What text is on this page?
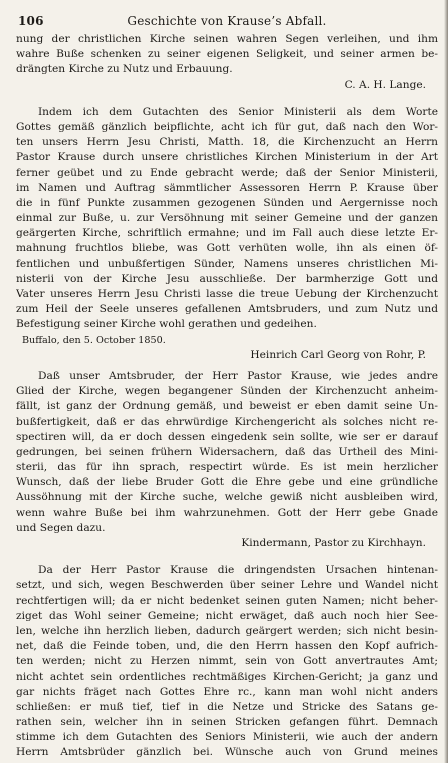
106	Geschichte von Krause’s Abfall.
nung der christlichen Kirche seinen wahren Segen verleihen, und ihm
wahre Buße schenken zu seiner eigenen Seligkeit, und seiner armen be-
drängten Kirche zu Nutz und Erbauung.
C. A. H. Lange.
Indem ich dem Gutachten des Senior Ministerii als dem Worte
Gottes gemäß gänzlich beipflichte, acht ich für gut, daß nach den Wor-
ten unsers Herrn Jesu Christi, Matth. 18, die Kirchenzucht an Herrn
Pastor Krause durch unsere christliches Kirchen Ministerium in der Art
ferner geübet und zu Ende gebracht werde; daß der Senior Ministerii,
im Namen und Auftrag sämmtlicher Assessoren Herrn P. Krause über
die in fünf Punkte zusammen gezogenen Sünden und Aergernisse noch
einmal zur Buße, u. zur Versöhnung mit seiner Gemeine und der ganzen
geärgerten Kirche, schriftlich ermahne; und im Fall auch diese letzte Er-
mahnung fruchtlos bliebe, was Gott verhüten wolle, ihn als einen öf-
fentlichen und unbußfertigen Sünder, Namens unseres christlichen Mi-
nisterii von der Kirche Jesu ausschließe. Der barmherzige Gott und
Vater unseres Herrn Jesu Christi lasse die treue Uebung der Kirchenzucht
zum Heil der Seele unseres gefallenen Amtsbruders, und zum Nutz und
Befestigung seiner Kirche wohl gerathen und gedeihen.
Buffalo, den 5. October 1850.
Heinrich Carl Georg von Rohr, P.
Daß unser Amtsbruder, der Herr Pastor Krause, wie jedes andre
Glied der Kirche, wegen begangener Sünden der Kirchenzucht anheim-
fällt, ist ganz der Ordnung gemäß, und beweist er eben damit seine Un-
bußfertigkeit, daß er das ehrwürdige Kirchengericht als solches nicht re-
spectiren will, da er doch dessen eingedenk sein sollte, wie ser er darauf
gedrungen, bei seinen frühern Widersachern, daß das Urtheil des Mini-
sterii, das für ihn sprach, respectirt würde. Es ist mein herzlicher
Wunsch, daß der liebe Bruder Gott die Ehre gebe und eine gründliche
Aussöhnung mit der Kirche suche, welche gewiß nicht ausbleiben wird,
wenn wahre Buße bei ihm wahrzunehmen. Gott der Herr gebe Gnade
und Segen dazu.
Kindermann, Pastor zu Kirchhayn.
Da der Herr Pastor Krause die dringendsten Ursachen hintenan-
setzt, und sich, wegen Beschwerden über seiner Lehre und Wandel nicht
rechtfertigen will; da er nicht bedenket seinen guten Namen; nicht beher-
ziget das Wohl seiner Gemeine; nicht erwäget, daß auch noch hier See-
len, welche ihn herzlich lieben, dadurch geärgert werden; sich nicht besin-
net, daß die Feinde toben, und, die den Herrn hassen den Kopf aufrich-
ten werden; nicht zu Herzen nimmt, sein von Gott anvertrautes Amt;
nicht achtet sein ordentliches rechtmäßiges Kirchen-Gericht; ja ganz und
gar nichts fräget nach Gottes Ehre rc., kann man wohl nicht anders
schließen: er muß tief, tief in die Netze und Stricke des Satans ge-
rathen sein, welcher ihn in seinen Stricken gefangen führt. Demnach
stimme ich dem Gutachten des Seniors Ministerii, wie auch der andern
Herrn Amtsbrüder gänzlich bei. Wünsche auch von Grund meines
